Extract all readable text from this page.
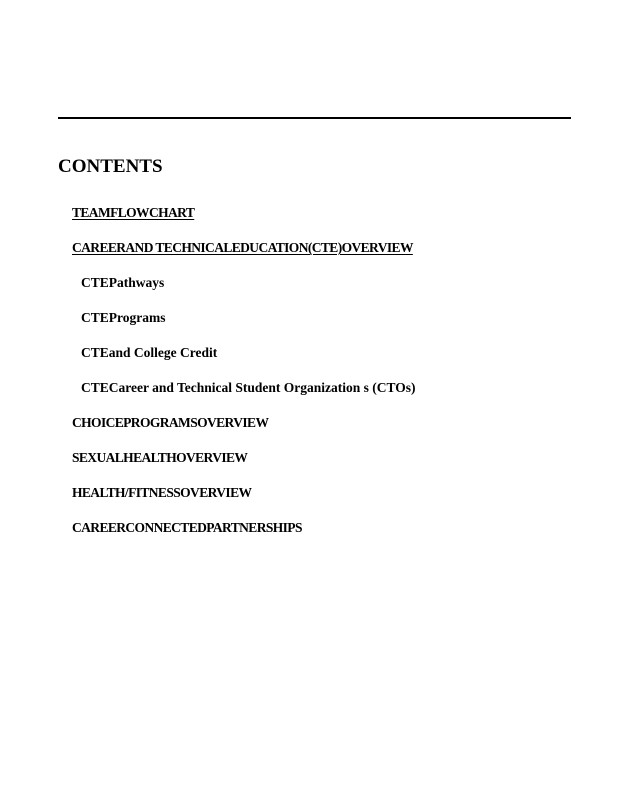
CONTENTS
TEAMFLOWCHART
CAREERAND TECHNICALEDUCATION(CTE)OVERVIEW
CTEPathways
CTEPrograms
CTEand College Credit
CTECareer and Technical Student Organization s (CTOs)
CHOICEPROGRAMSOVERVIEW
SEXUALHEALTHOVERVIEW
HEALTH/FITNESSOVERVIEW
CAREERCONNECTEDPARTNERSHIPS
